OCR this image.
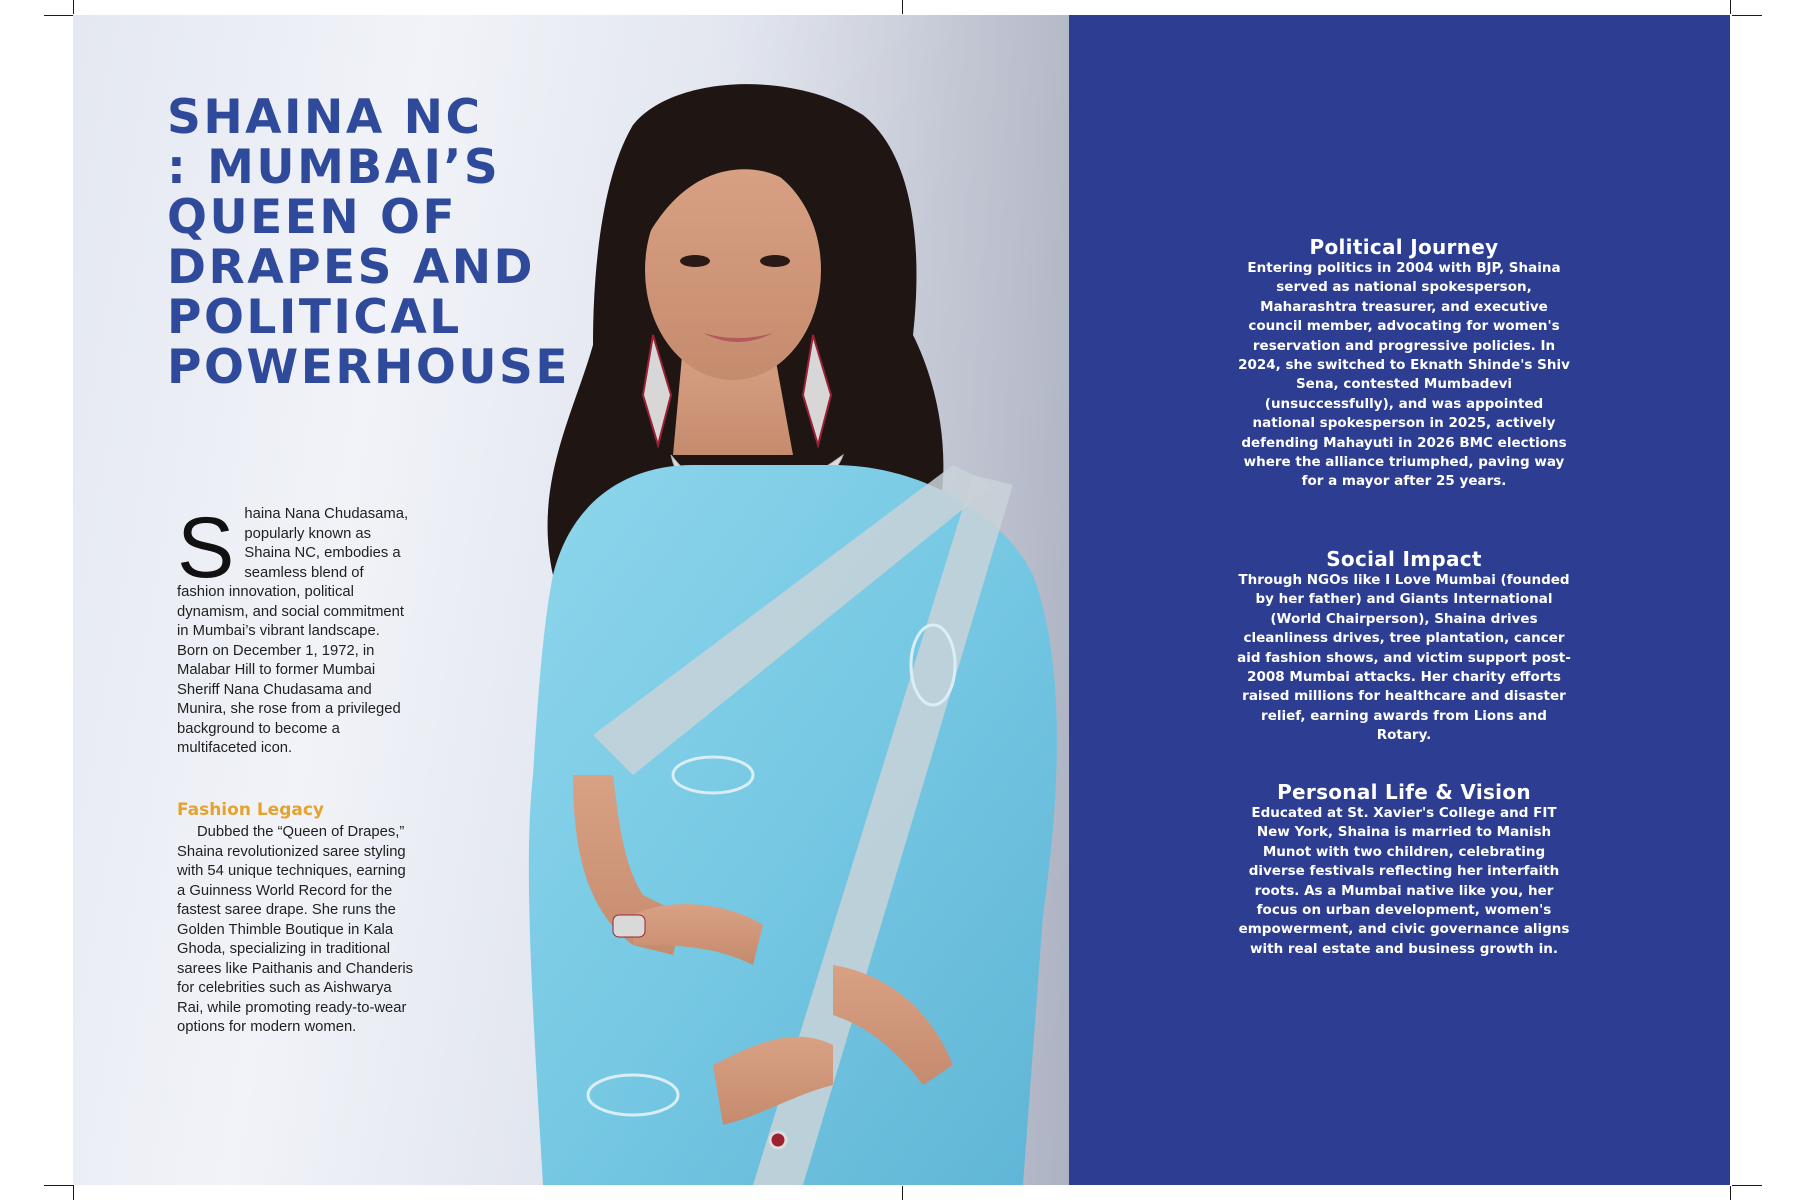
SHAINA NC
: MUMBAI’S
QUEEN OF
DRAPES AND
POLITICAL
POWERHOUSE
S haina Nana Chudasama, popularly known as Shaina NC, embodies a seamless blend of fashion innovation, political dynamism, and social commitment in Mumbai’s vibrant landscape. Born on December 1, 1972, in Malabar Hill to former Mumbai Sheriff Nana Chudasama and Munira, she rose from a privileged background to become a multifaceted icon.
Fashion Legacy

Dubbed the “Queen of Drapes,” Shaina revolutionized saree styling with 54 unique techniques, earning a Guinness World Record for the fastest saree drape. She runs the Golden Thimble Boutique in Kala Ghoda, specializing in traditional sarees like Paithanis and Chanderis for celebrities such as Aishwarya Rai, while promoting ready-to-wear options for modern women.

Political Journey

Entering politics in 2004 with BJP, Shaina served as national spokesperson, Maharashtra treasurer, and executive council member, advocating for women's reservation and progressive policies. In 2024, she switched to Eknath Shinde's Shiv Sena, contested Mumbadevi (unsuccessfully), and was appointed national spokesperson in 2025, actively defending Mahayuti in 2026 BMC elections where the alliance triumphed, paving way for a mayor after 25 years.

Social Impact

Through NGOs like I Love Mumbai (founded by her father) and Giants International (World Chairperson), Shaina drives cleanliness drives, tree plantation, cancer aid fashion shows, and victim support post-2008 Mumbai attacks. Her charity efforts raised millions for healthcare and disaster relief, earning awards from Lions and Rotary.

Personal Life & Vision

Educated at St. Xavier's College and FIT New York, Shaina is married to Manish Munot with two children, celebrating diverse festivals reflecting her interfaith roots. As a Mumbai native like you, her focus on urban development, women's empowerment, and civic governance aligns with real estate and business growth in.
